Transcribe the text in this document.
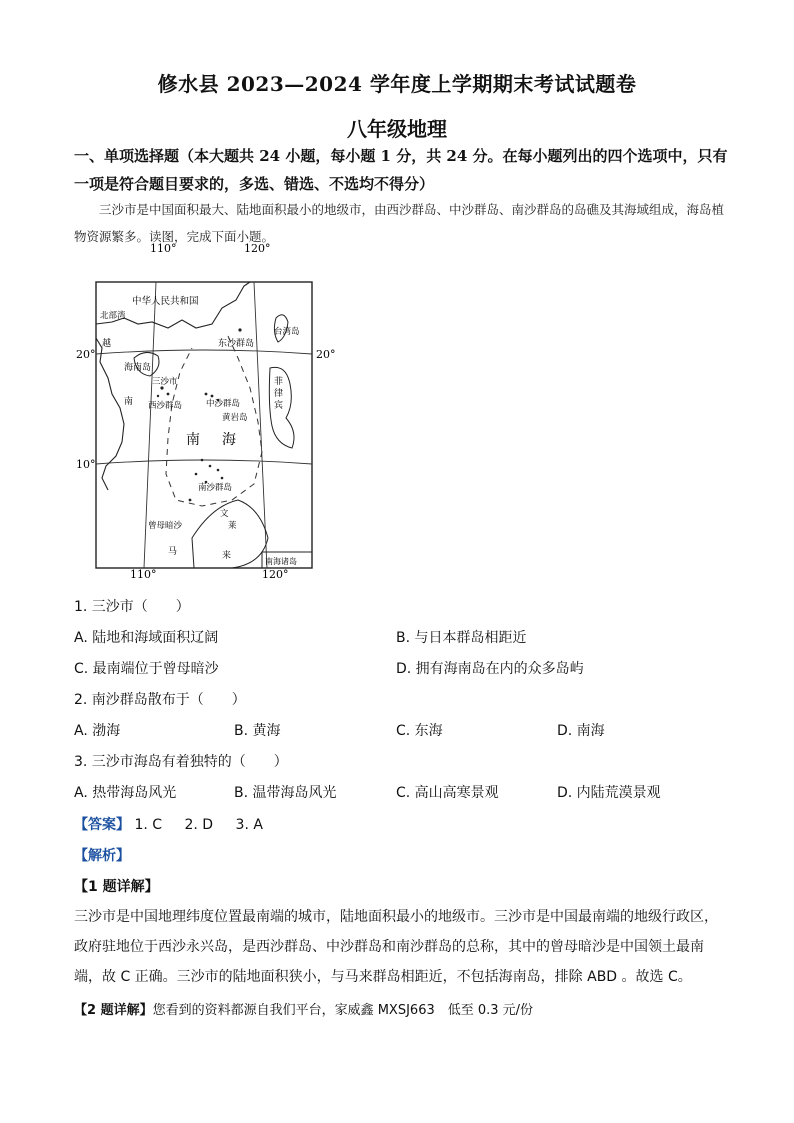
修水县 2023—2024 学年度上学期期末考试试题卷
八年级地理
一、单项选择题（本大题共 24 小题，每小题 1 分，共 24 分。在每小题列出的四个选项中，只有一项是符合题目要求的，多选、错选、不选均不得分）
三沙市是中国面积最大、陆地面积最小的地级市，由西沙群岛、中沙群岛、南沙群岛的岛礁及其海域组成，海岛植物资源繁多。读图，完成下面小题。
110°	120°
110°	120°
20°	20°
10°
中华人民共和国
北部湾
越
南
海南岛
台湾岛
东沙群岛
三沙市
西沙群岛	中沙群岛
黄岩岛
菲
律
宾
南 海
南沙群岛
曾母暗沙
文
莱
马	来
南海诸岛
1. 三沙市（　　）
A. 陆地和海域面积辽阔	B. 与日本群岛相距近
C. 最南端位于曾母暗沙	D. 拥有海南岛在内的众多岛屿
2. 南沙群岛散布于（　　）
A. 渤海	B. 黄海	C. 东海	D. 南海
3. 三沙市海岛有着独特的（　　）
A. 热带海岛风光	B. 温带海岛风光	C. 高山高寒景观	D. 内陆荒漠景观
【答案】 1. C 2. D 3. A
【解析】
【1 题详解】
三沙市是中国地理纬度位置最南端的城市，陆地面积最小的地级市。三沙市是中国最南端的地级行政区，
政府驻地位于西沙永兴岛，是西沙群岛、中沙群岛和南沙群岛的总称，其中的曾母暗沙是中国领土最南
端，故 C 正确。三沙市的陆地面积狭小，与马来群岛相距近，不包括海南岛，排除 ABD 。故选 C。
【2 题详解】您看到的资料都源自我们平台，家威鑫 MXSJ663　低至 0.3 元/份
